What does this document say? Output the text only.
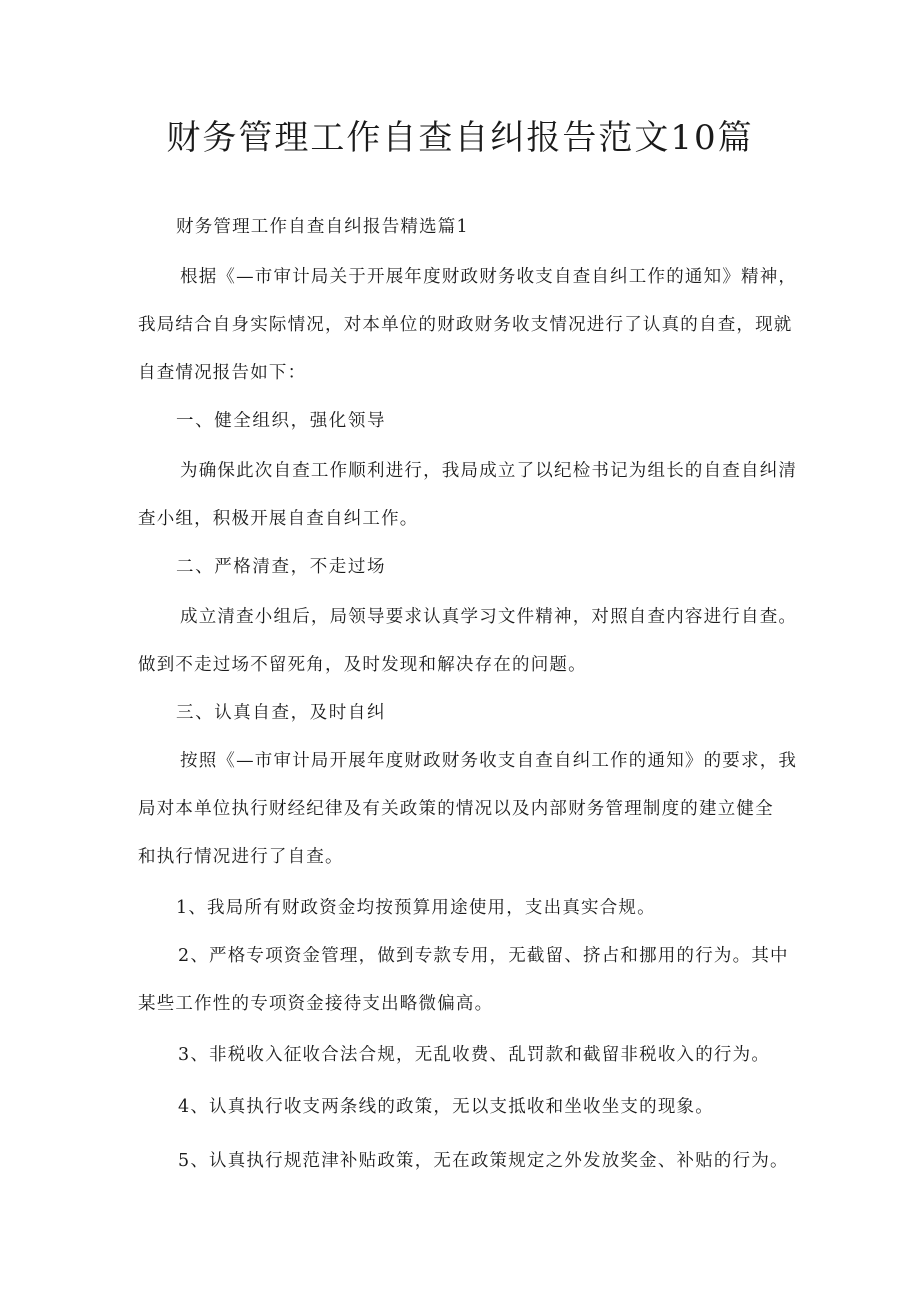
财务管理工作自查自纠报告范文10篇
财务管理工作自查自纠报告精选篇1
根据《—市审计局关于开展年度财政财务收支自查自纠工作的通知》精神，
我局结合自身实际情况，对本单位的财政财务收支情况进行了认真的自查，现就
自查情况报告如下：
一、健全组织，强化领导
为确保此次自查工作顺利进行，我局成立了以纪检书记为组长的自查自纠清
查小组，积极开展自查自纠工作。
二、严格清查，不走过场
成立清查小组后，局领导要求认真学习文件精神，对照自查内容进行自查。
做到不走过场不留死角，及时发现和解决存在的问题。
三、认真自查，及时自纠
按照《—市审计局开展年度财政财务收支自查自纠工作的通知》的要求，我
局对本单位执行财经纪律及有关政策的情况以及内部财务管理制度的建立健全
和执行情况进行了自查。
1、我局所有财政资金均按预算用途使用，支出真实合规。
2、严格专项资金管理，做到专款专用，无截留、挤占和挪用的行为。其中
某些工作性的专项资金接待支出略微偏高。
3、非税收入征收合法合规，无乱收费、乱罚款和截留非税收入的行为。
4、认真执行收支两条线的政策，无以支抵收和坐收坐支的现象。
5、认真执行规范津补贴政策，无在政策规定之外发放奖金、补贴的行为。
